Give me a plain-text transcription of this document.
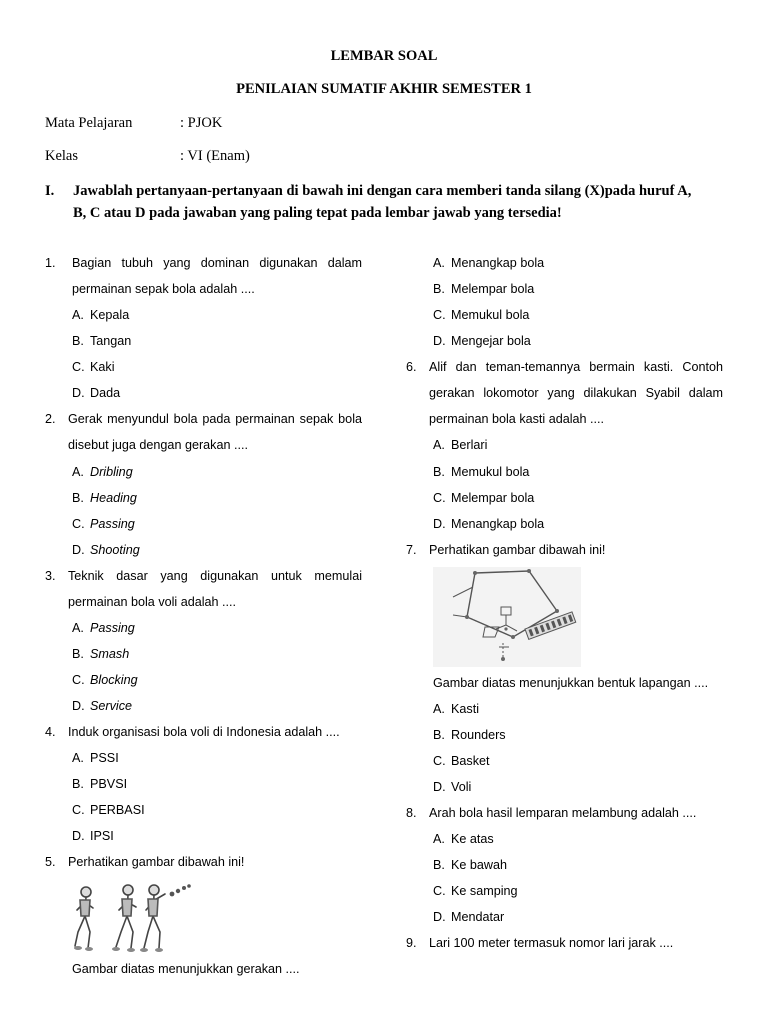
LEMBAR SOAL
PENILAIAN SUMATIF AKHIR SEMESTER 1
Mata Pelajaran	: PJOK
Kelas	: VI (Enam)
I. Jawablah pertanyaan-pertanyaan di bawah ini dengan cara memberi tanda silang (X)pada huruf A,
B, C atau D pada jawaban yang paling tepat pada lembar jawab yang tersedia!
1. Bagian tubuh yang dominan digunakan dalam
permainan sepak bola adalah ....
A. Kepala
B. Tangan
C. Kaki
D. Dada
2. Gerak menyundul bola pada permainan sepak bola
disebut juga dengan gerakan ....
A. Dribling
B. Heading
C. Passing
D. Shooting
3. Teknik dasar yang digunakan untuk memulai
permainan bola voli adalah ....
A. Passing
B. Smash
C. Blocking
D. Service
4. Induk organisasi bola voli di Indonesia adalah ....
A. PSSI
B. PBVSI
C. PERBASI
D. IPSI
5. Perhatikan gambar dibawah ini!
Gambar diatas menunjukkan gerakan ....
A. Menangkap bola
B. Melempar bola
C. Memukul bola
D. Mengejar bola
6. Alif dan teman-temannya bermain kasti. Contoh
gerakan lokomotor yang dilakukan Syabil dalam
permainan bola kasti adalah ....
A. Berlari
B. Memukul bola
C. Melempar bola
D. Menangkap bola
7. Perhatikan gambar dibawah ini!
Gambar diatas menunjukkan bentuk lapangan ....
A. Kasti
B. Rounders
C. Basket
D. Voli
8. Arah bola hasil lemparan melambung adalah ....
A. Ke atas
B. Ke bawah
C. Ke samping
D. Mendatar
9. Lari 100 meter termasuk nomor lari jarak ....
